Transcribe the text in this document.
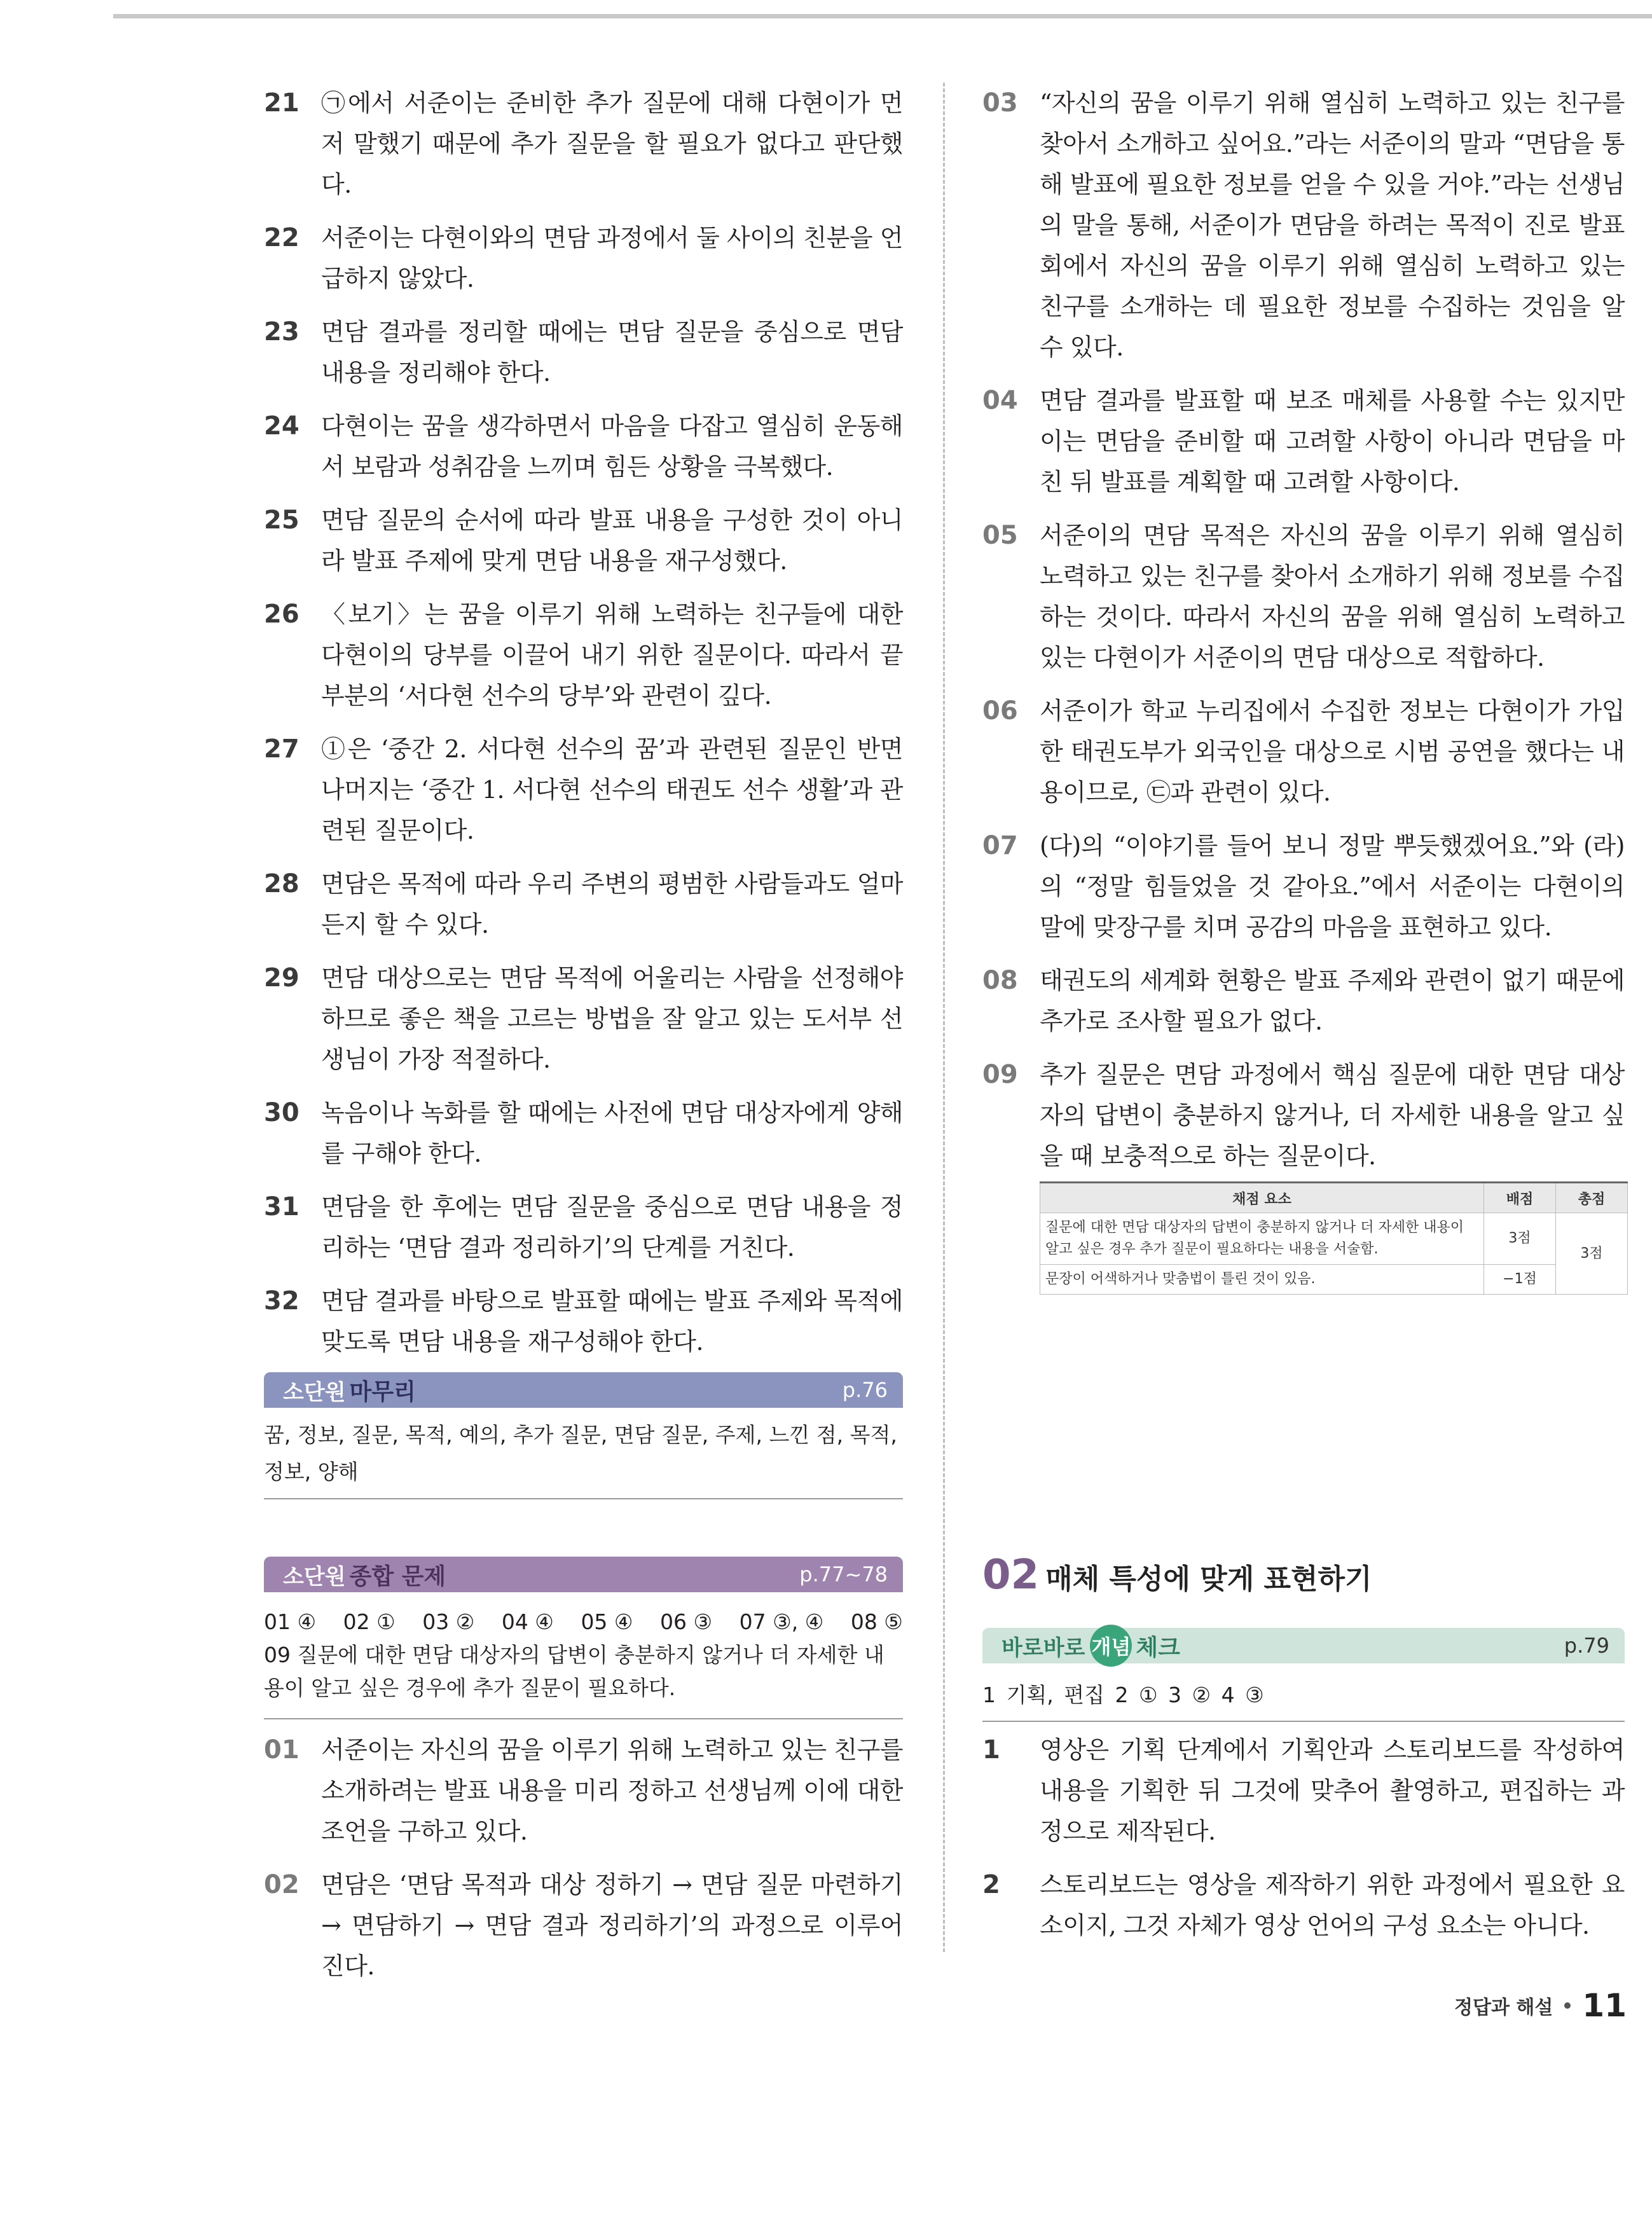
21 ㉠에서 서준이는 준비한 추가 질문에 대해 다현이가 먼저 말했기 때문에 추가 질문을 할 필요가 없다고 판단했다.
22 서준이는 다현이와의 면담 과정에서 둘 사이의 친분을 언급하지 않았다.
23 면담 결과를 정리할 때에는 면담 질문을 중심으로 면담 내용을 정리해야 한다.
24 다현이는 꿈을 생각하면서 마음을 다잡고 열심히 운동해서 보람과 성취감을 느끼며 힘든 상황을 극복했다.
25 면담 질문의 순서에 따라 발표 내용을 구성한 것이 아니라 발표 주제에 맞게 면담 내용을 재구성했다.
26 〈보기〉는 꿈을 이루기 위해 노력하는 친구들에 대한 다현이의 당부를 이끌어 내기 위한 질문이다. 따라서 끝부분의 ‘서다현 선수의 당부’와 관련이 깊다.
27 ①은 ‘중간 2. 서다현 선수의 꿈’과 관련된 질문인 반면 나머지는 ‘중간 1. 서다현 선수의 태권도 선수 생활’과 관련된 질문이다.
28 면담은 목적에 따라 우리 주변의 평범한 사람들과도 얼마든지 할 수 있다.
29 면담 대상으로는 면담 목적에 어울리는 사람을 선정해야 하므로 좋은 책을 고르는 방법을 잘 알고 있는 도서부 선생님이 가장 적절하다.
30 녹음이나 녹화를 할 때에는 사전에 면담 대상자에게 양해를 구해야 한다.
31 면담을 한 후에는 면담 질문을 중심으로 면담 내용을 정리하는 ‘면담 결과 정리하기’의 단계를 거친다.
32 면담 결과를 바탕으로 발표할 때에는 발표 주제와 목적에 맞도록 면담 내용을 재구성해야 한다.
03 “자신의 꿈을 이루기 위해 열심히 노력하고 있는 친구를 찾아서 소개하고 싶어요.”라는 서준이의 말과 “면담을 통해 발표에 필요한 정보를 얻을 수 있을 거야.”라는 선생님의 말을 통해, 서준이가 면담을 하려는 목적이 진로 발표회에서 자신의 꿈을 이루기 위해 열심히 노력하고 있는 친구를 소개하는 데 필요한 정보를 수집하는 것임을 알 수 있다.
04 면담 결과를 발표할 때 보조 매체를 사용할 수는 있지만 이는 면담을 준비할 때 고려할 사항이 아니라 면담을 마친 뒤 발표를 계획할 때 고려할 사항이다.
05 서준이의 면담 목적은 자신의 꿈을 이루기 위해 열심히 노력하고 있는 친구를 찾아서 소개하기 위해 정보를 수집하는 것이다. 따라서 자신의 꿈을 위해 열심히 노력하고 있는 다현이가 서준이의 면담 대상으로 적합하다.
06 서준이가 학교 누리집에서 수집한 정보는 다현이가 가입한 태권도부가 외국인을 대상으로 시범 공연을 했다는 내용이므로, ㉢과 관련이 있다.
07 (다)의 “이야기를 들어 보니 정말 뿌듯했겠어요.”와 (라)의 “정말 힘들었을 것 같아요.”에서 서준이는 다현이의 말에 맞장구를 치며 공감의 마음을 표현하고 있다.
08 태권도의 세계화 현황은 발표 주제와 관련이 없기 때문에 추가로 조사할 필요가 없다.
09 추가 질문은 면담 과정에서 핵심 질문에 대한 면담 대상자의 답변이 충분하지 않거나, 더 자세한 내용을 알고 싶을 때 보충적으로 하는 질문이다.
채점 요소	배점	총점
질문에 대한 면담 대상자의 답변이 충분하지 않거나 더 자세한 내용이 알고 싶은 경우 추가 질문이 필요하다는 내용을 서술함.	3점	3점
문장이 어색하거나 맞춤법이 틀린 것이 있음.	−1점	
소단원 마무리	p.76
꿈, 정보, 질문, 목적, 예의, 추가 질문, 면담 질문, 주제, 느낀 점, 목적, 정보, 양해
소단원 종합 문제	p.77~78
01 ④ 02 ① 03 ② 04 ④ 05 ④ 06 ③ 07 ③, ④ 08 ⑤
09 질문에 대한 면담 대상자의 답변이 충분하지 않거나 더 자세한 내용이 알고 싶은 경우에 추가 질문이 필요하다.
01 서준이는 자신의 꿈을 이루기 위해 노력하고 있는 친구를 소개하려는 발표 내용을 미리 정하고 선생님께 이에 대한 조언을 구하고 있다.
02 면담은 ‘면담 목적과 대상 정하기 → 면담 질문 마련하기→ 면담하기 → 면담 결과 정리하기’의 과정으로 이루어진다.
02 매체 특성에 맞게 표현하기
바로바로 개념 체크	p.79
1 기획, 편집 2 ① 3 ② 4 ③
1	영상은 기획 단계에서 기획안과 스토리보드를 작성하여 내용을 기획한 뒤 그것에 맞추어 촬영하고, 편집하는 과정으로 제작된다.
2	스토리보드는 영상을 제작하기 위한 과정에서 필요한 요소이지, 그것 자체가 영상 언어의 구성 요소는 아니다.
정답과 해설 11
